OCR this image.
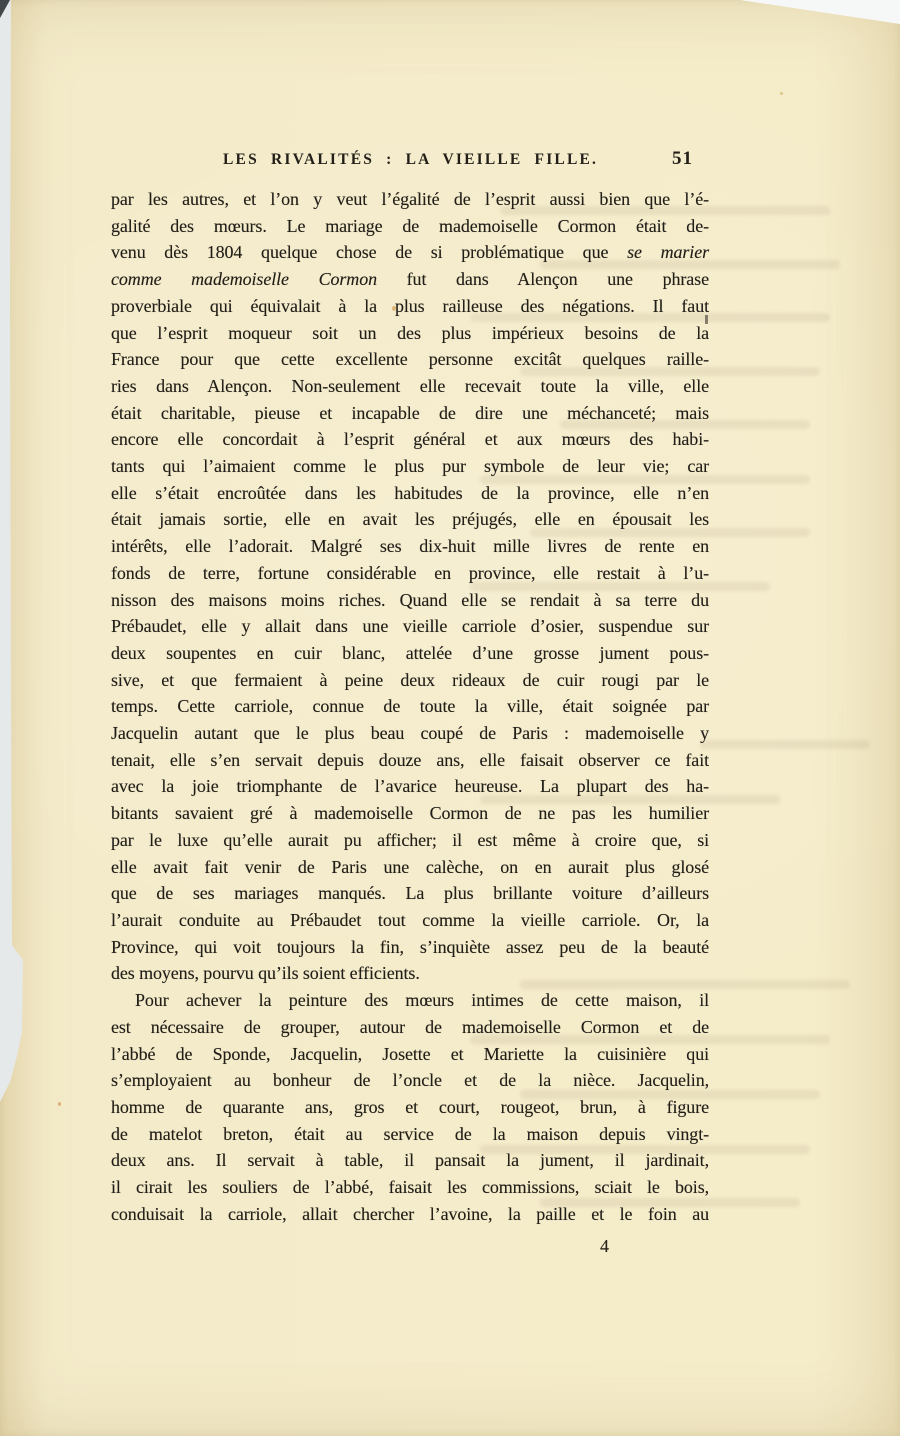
LES RIVALITÉS : LA VIEILLE FILLE.	51
par les autres, et l’on y veut l’égalité de l’esprit aussi bien que l’é-
galité des mœurs. Le mariage de mademoiselle Cormon était de-
venu dès 1804 quelque chose de si problématique que se marier
comme mademoiselle Cormon fut dans Alençon une phrase
proverbiale qui équivalait à la plus railleuse des négations. Il faut
que l’esprit moqueur soit un des plus impérieux besoins de la
France pour que cette excellente personne excitât quelques raille-
ries dans Alençon. Non-seulement elle recevait toute la ville, elle
était charitable, pieuse et incapable de dire une méchanceté; mais
encore elle concordait à l’esprit général et aux mœurs des habi-
tants qui l’aimaient comme le plus pur symbole de leur vie; car
elle s’était encroûtée dans les habitudes de la province, elle n’en
était jamais sortie, elle en avait les préjugés, elle en épousait les
intérêts, elle l’adorait. Malgré ses dix-huit mille livres de rente en
fonds de terre, fortune considérable en province, elle restait à l’u-
nisson des maisons moins riches. Quand elle se rendait à sa terre du
Prébaudet, elle y allait dans une vieille carriole d’osier, suspendue sur
deux soupentes en cuir blanc, attelée d’une grosse jument pous-
sive, et que fermaient à peine deux rideaux de cuir rougi par le
temps. Cette carriole, connue de toute la ville, était soignée par
Jacquelin autant que le plus beau coupé de Paris : mademoiselle y
tenait, elle s’en servait depuis douze ans, elle faisait observer ce fait
avec la joie triomphante de l’avarice heureuse. La plupart des ha-
bitants savaient gré à mademoiselle Cormon de ne pas les humilier
par le luxe qu’elle aurait pu afficher; il est même à croire que, si
elle avait fait venir de Paris une calèche, on en aurait plus glosé
que de ses mariages manqués. La plus brillante voiture d’ailleurs
l’aurait conduite au Prébaudet tout comme la vieille carriole. Or, la
Province, qui voit toujours la fin, s’inquiète assez peu de la beauté
des moyens, pourvu qu’ils soient efficients.
Pour achever la peinture des mœurs intimes de cette maison, il
est nécessaire de grouper, autour de mademoiselle Cormon et de
l’abbé de Sponde, Jacquelin, Josette et Mariette la cuisinière qui
s’employaient au bonheur de l’oncle et de la nièce. Jacquelin,
homme de quarante ans, gros et court, rougeot, brun, à figure
de matelot breton, était au service de la maison depuis vingt-
deux ans. Il servait à table, il pansait la jument, il jardinait,
il cirait les souliers de l’abbé, faisait les commissions, sciait le bois,
conduisait la carriole, allait chercher l’avoine, la paille et le foin au
4
